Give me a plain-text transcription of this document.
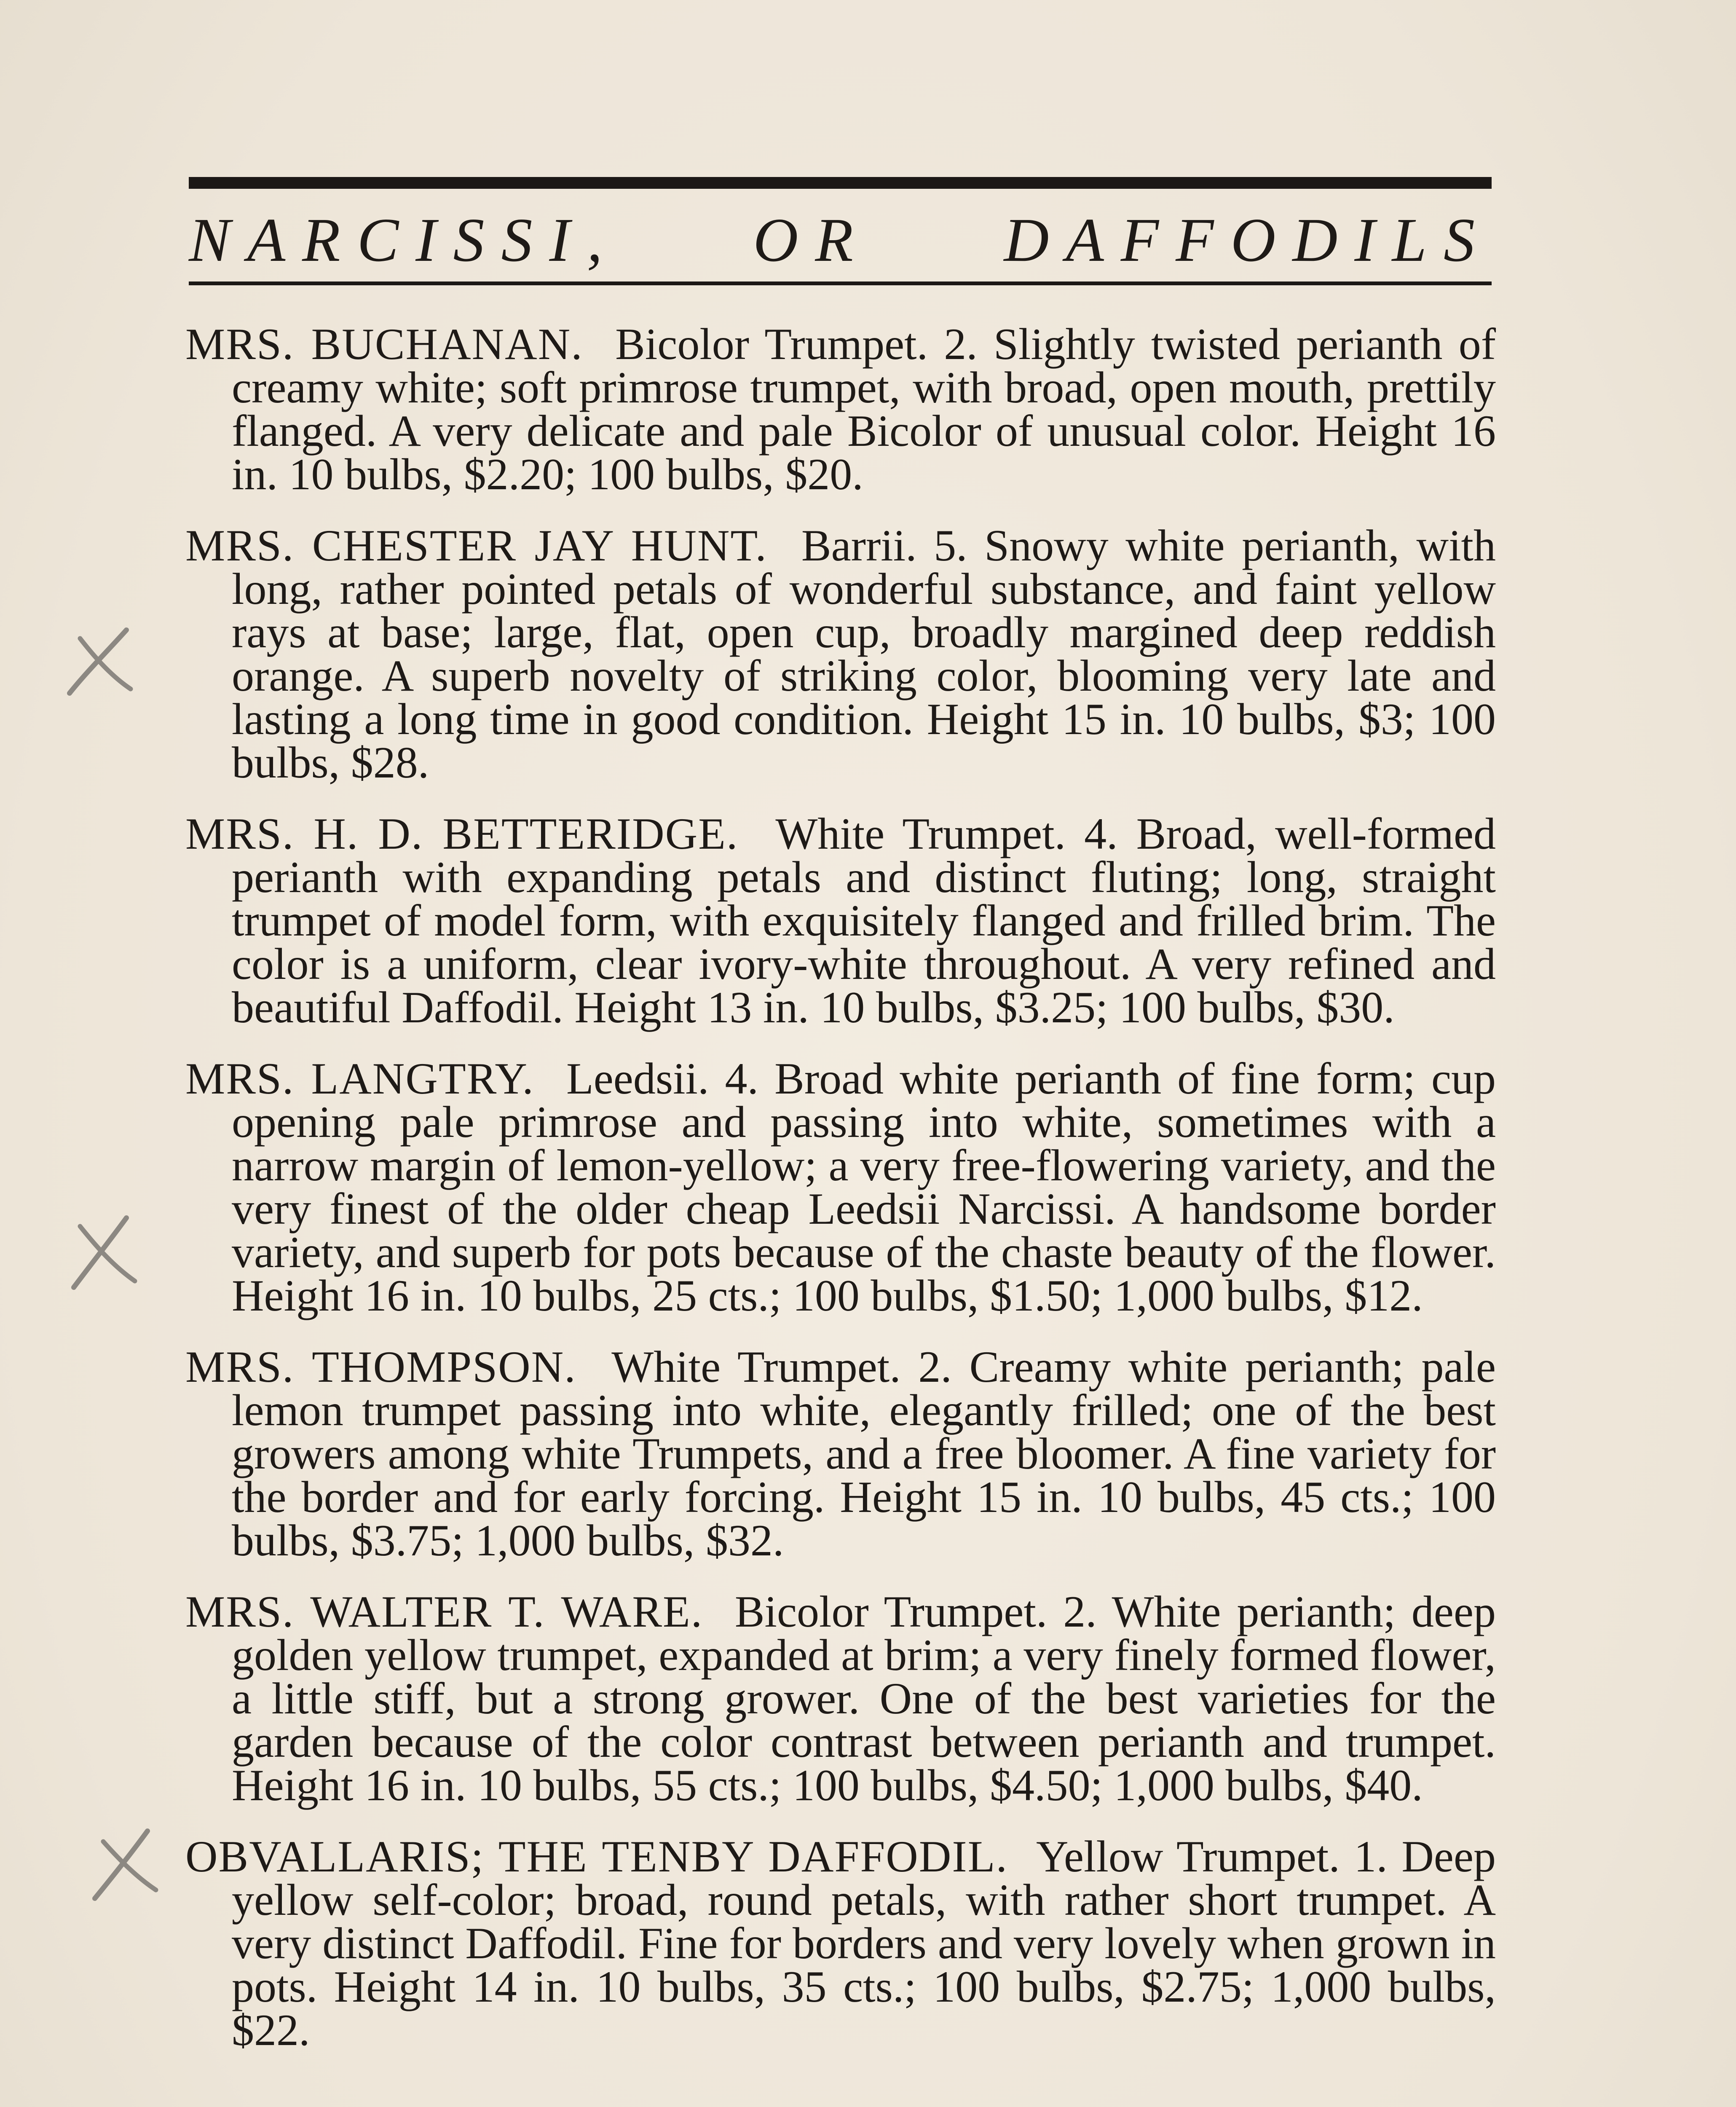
NARCISSI, OR DAFFODILS

MRS. BUCHANAN. Bicolor Trumpet. 2. Slightly twisted perianth of creamy white; soft primrose trumpet, with broad, open mouth, prettily flanged. A very delicate and pale Bicolor of unusual color. Height 16 in. 10 bulbs, $2.20; 100 bulbs, $20.

MRS. CHESTER JAY HUNT. Barrii. 5. Snowy white perianth, with long, rather pointed petals of wonderful substance, and faint yellow rays at base; large, flat, open cup, broadly margined deep reddish orange. A superb novelty of striking color, blooming very late and lasting a long time in good condition. Height 15 in. 10 bulbs, $3; 100 bulbs, $28.

MRS. H. D. BETTERIDGE. White Trumpet. 4. Broad, well-formed perianth with expanding petals and distinct fluting; long, straight trumpet of model form, with exquisitely flanged and frilled brim. The color is a uniform, clear ivory-white throughout. A very refined and beautiful Daffodil. Height 13 in. 10 bulbs, $3.25; 100 bulbs, $30.

MRS. LANGTRY. Leedsii. 4. Broad white perianth of fine form; cup opening pale primrose and passing into white, sometimes with a narrow margin of lemon-yellow; a very free-flowering variety, and the very finest of the older cheap Leedsii Narcissi. A handsome border variety, and superb for pots because of the chaste beauty of the flower. Height 16 in. 10 bulbs, 25 cts.; 100 bulbs, $1.50; 1,000 bulbs, $12.

MRS. THOMPSON. White Trumpet. 2. Creamy white perianth; pale lemon trumpet passing into white, elegantly frilled; one of the best growers among white Trumpets, and a free bloomer. A fine variety for the border and for early forcing. Height 15 in. 10 bulbs, 45 cts.; 100 bulbs, $3.75; 1,000 bulbs, $32.

MRS. WALTER T. WARE. Bicolor Trumpet. 2. White perianth; deep golden yellow trumpet, expanded at brim; a very finely formed flower, a little stiff, but a strong grower. One of the best varieties for the garden because of the color contrast between perianth and trumpet. Height 16 in. 10 bulbs, 55 cts.; 100 bulbs, $4.50; 1,000 bulbs, $40.

OBVALLARIS; THE TENBY DAFFODIL. Yellow Trumpet. 1. Deep yellow self-color; broad, round petals, with rather short trumpet. A very distinct Daffodil. Fine for borders and very lovely when grown in pots. Height 14 in. 10 bulbs, 35 cts.; 100 bulbs, $2.75; 1,000 bulbs, $22.
